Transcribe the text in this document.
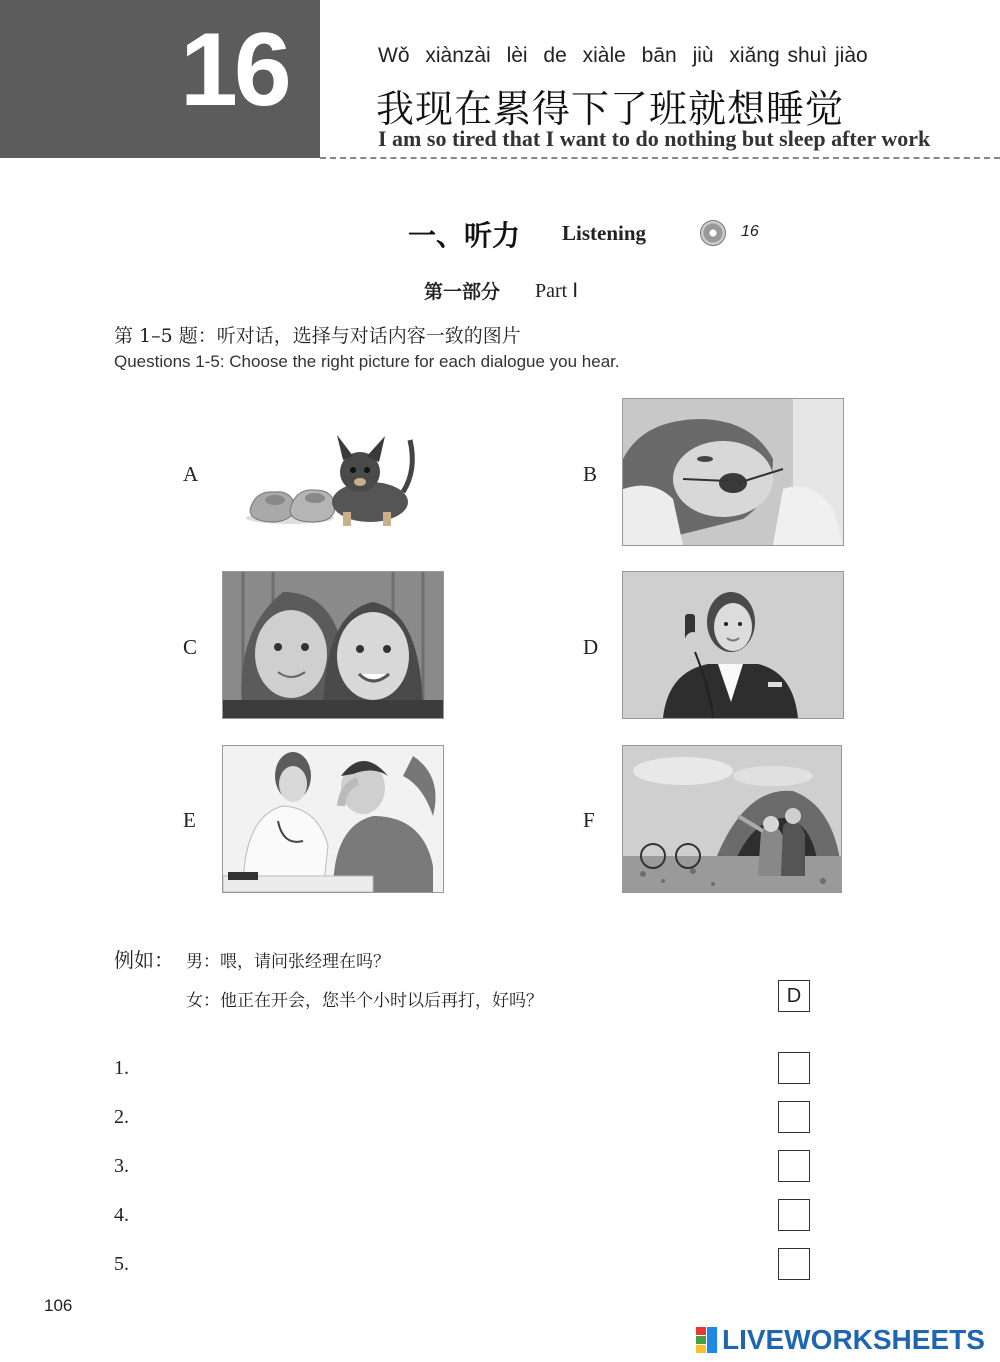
16	Wǒ xiànzài lèi de xiàle bān jiù xiǎng shuì jiào
我现在累得下了班就想睡觉
I am so tired that I want to do nothing but sleep after work
一、听力 Listening	16
第一部分 Part Ⅰ
第 1–5 题：听对话，选择与对话内容一致的图片
Questions 1-5: Choose the right picture for each dialogue you hear.
A	B
C	D
E	F
例如： 男：喂，请问张经理在吗？
女：他正在开会，您半个小时以后再打，好吗？	D
1.
2.
3.
4.
5.
106
LIVEWORKSHEETS
